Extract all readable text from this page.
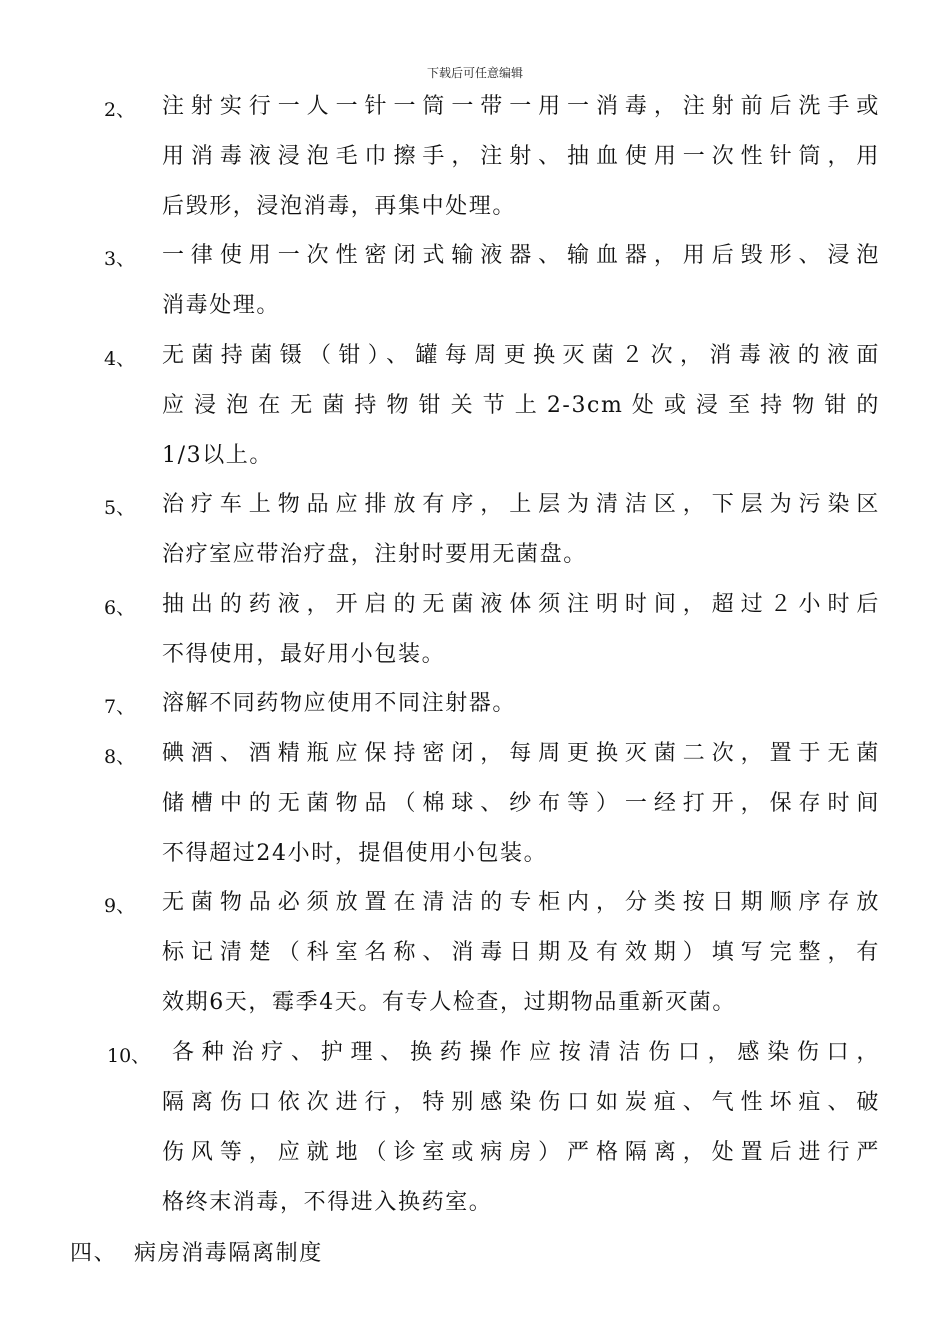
下载后可任意编辑
2、 注射实行一人一针一筒一带一用一消毒，注射前后洗手或
用消毒液浸泡毛巾擦手，注射、抽血使用一次性针筒，用
后毁形，浸泡消毒，再集中处理。
3、 一律使用一次性密闭式输液器、输血器，用后毁形、浸泡
消毒处理。
4、 无菌持菌镊（钳）、罐每周更换灭菌２次，消毒液的液面
应浸泡在无菌持物钳关节上2-3cm处或浸至持物钳的
1/3以上。
5、 治疗车上物品应排放有序，上层为清洁区，下层为污染区
治疗室应带治疗盘，注射时要用无菌盘。
6、 抽出的药液，开启的无菌液体须注明时间，超过２小时后
不得使用，最好用小包装。
7、 溶解不同药物应使用不同注射器。
8、 碘酒、酒精瓶应保持密闭，每周更换灭菌二次，置于无菌
储槽中的无菌物品（棉球、纱布等）一经打开，保存时间
不得超过24小时，提倡使用小包装。
9、 无菌物品必须放置在清洁的专柜内，分类按日期顺序存放
标记清楚（科室名称、消毒日期及有效期）填写完整，有
效期6天，霉季4天。有专人检查，过期物品重新灭菌。
10、 各种治疗、护理、换药操作应按清洁伤口，感染伤口，
隔离伤口依次进行，特别感染伤口如炭疽、气性坏疽、破
伤风等，应就地（诊室或病房）严格隔离，处置后进行严
格终末消毒，不得进入换药室。
四、 病房消毒隔离制度
